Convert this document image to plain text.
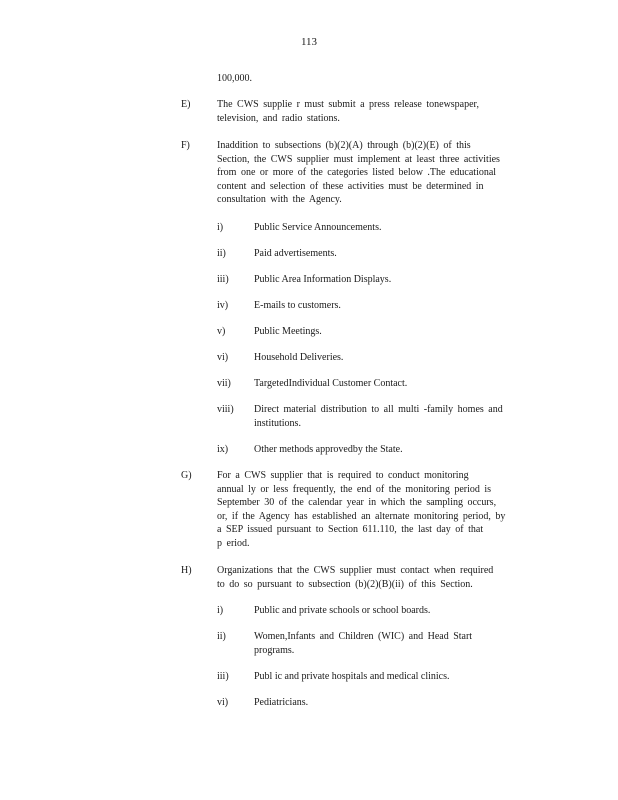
113
100,000.
E)	The CWS supplie r must submit a press release tonewspaper,
television, and radio stations.
F)	Inaddition to subsections (b)(2)(A) through (b)(2)(E) of this
Section, the CWS supplier must implement at least three activities
from one or more of the categories listed below .The educational
content and selection of these activities must be determined in
consultation with the Agency.
i)	Public Service Announcements.
ii)	Paid advertisements.
iii)	Public Area Information Displays.
iv)	E-mails to customers.
v)	Public Meetings.
vi)	Household Deliveries.
vii) TargetedIndividual Customer Contact.
viii) Direct material distribution to all multi -family homes and
institutions.
ix)	Other methods approvedby the State.
G)	For a CWS supplier that is required to conduct monitoring
annual ly or less frequently, the end of the monitoring period is
September 30 of the calendar year in which the sampling occurs,
or, if the Agency has established an alternate monitoring period, by
a SEP issued pursuant to Section 611.110, the last day of that
p eriod.
H)	Organizations that the CWS supplier must contact when required
to do so pursuant to subsection (b)(2)(B)(ii) of this Section.
i)	Public and private schools or school boards.
ii)	Women,Infants and Children (WIC) and Head Start
programs.
iii)	Publ ic and private hospitals and medical clinics.
vi)	Pediatricians.
